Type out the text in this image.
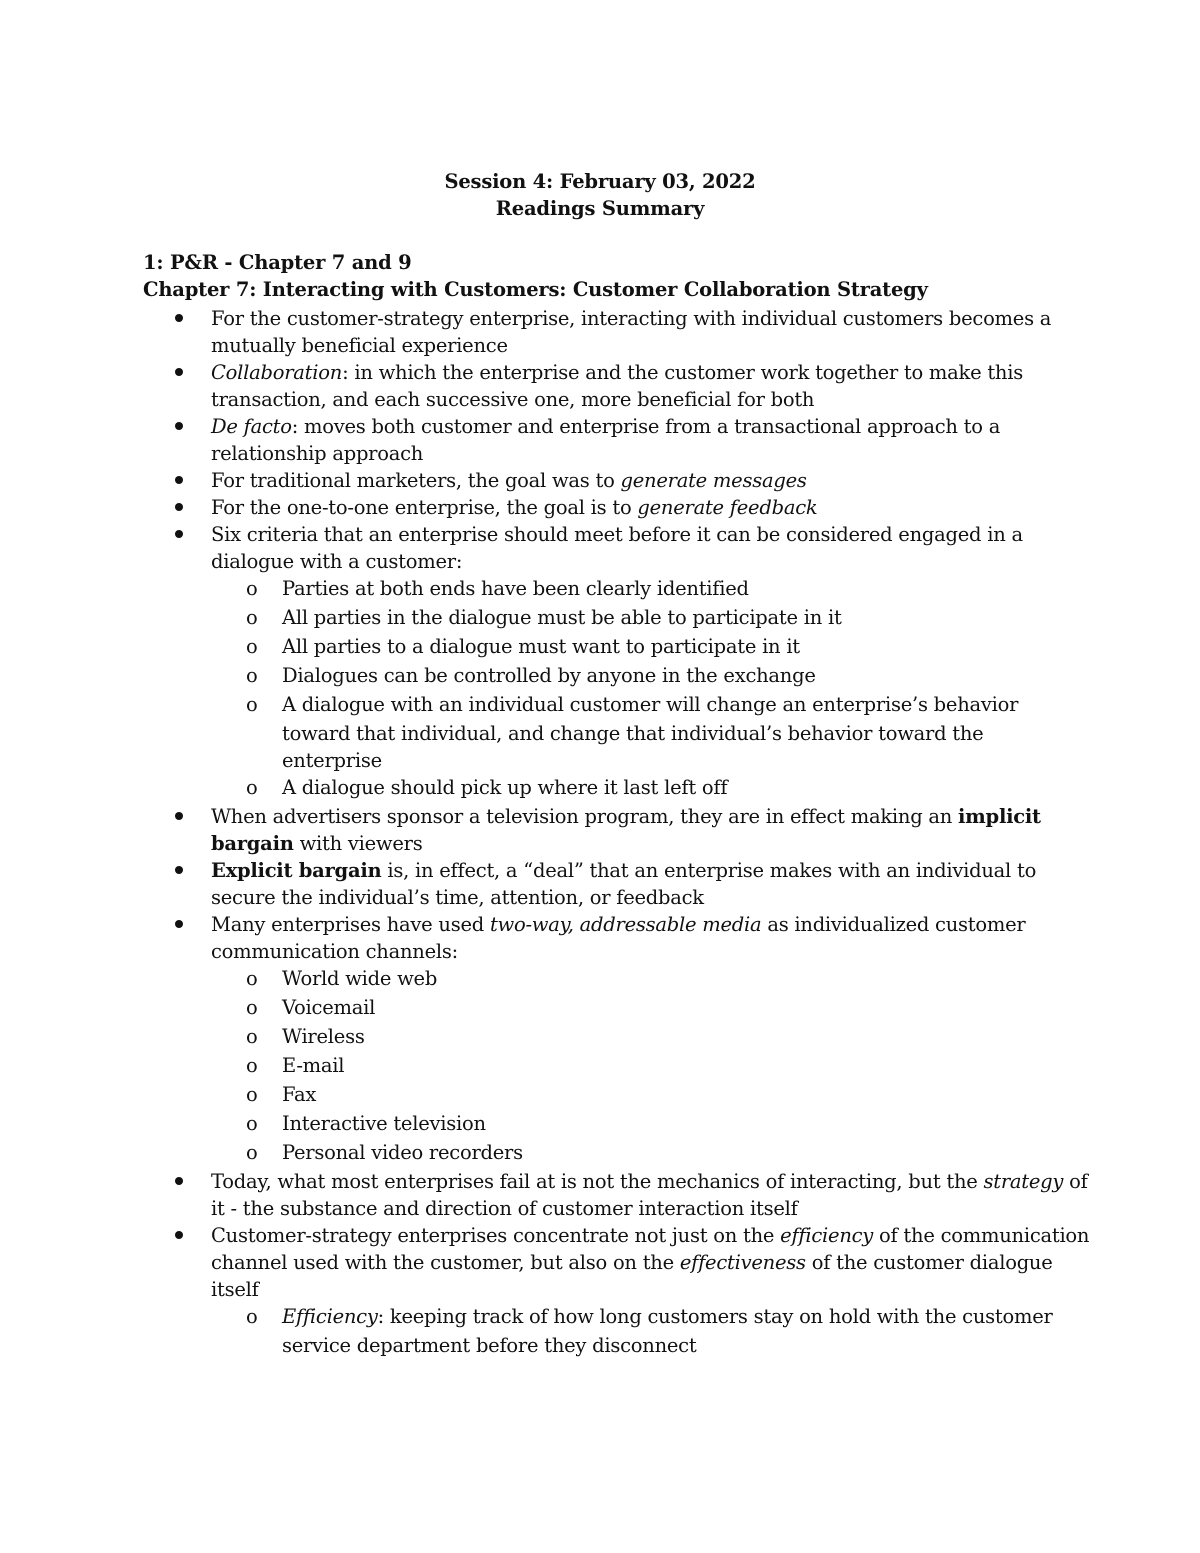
Session 4: February 03, 2022
Readings Summary
1: P&R - Chapter 7 and 9
Chapter 7: Interacting with Customers: Customer Collaboration Strategy
For the customer-strategy enterprise, interacting with individual customers becomes a
mutually beneficial experience
Collaboration: in which the enterprise and the customer work together to make this
transaction, and each successive one, more beneficial for both
De facto: moves both customer and enterprise from a transactional approach to a
relationship approach
For traditional marketers, the goal was to generate messages
For the one-to-one enterprise, the goal is to generate feedback
Six criteria that an enterprise should meet before it can be considered engaged in a
dialogue with a customer:
o Parties at both ends have been clearly identified
o All parties in the dialogue must be able to participate in it
o All parties to a dialogue must want to participate in it
o Dialogues can be controlled by anyone in the exchange
o A dialogue with an individual customer will change an enterprise’s behavior
toward that individual, and change that individual’s behavior toward the
enterprise
o A dialogue should pick up where it last left off
When advertisers sponsor a television program, they are in effect making an implicit
bargain with viewers
Explicit bargain is, in effect, a “deal” that an enterprise makes with an individual to
secure the individual’s time, attention, or feedback
Many enterprises have used two-way, addressable media as individualized customer
communication channels:
o World wide web
o Voicemail
o Wireless
o E-mail
o Fax
o Interactive television
o Personal video recorders
Today, what most enterprises fail at is not the mechanics of interacting, but the strategy of
it - the substance and direction of customer interaction itself
Customer-strategy enterprises concentrate not just on the efficiency of the communication
channel used with the customer, but also on the effectiveness of the customer dialogue
itself
o Efficiency: keeping track of how long customers stay on hold with the customer
service department before they disconnect
